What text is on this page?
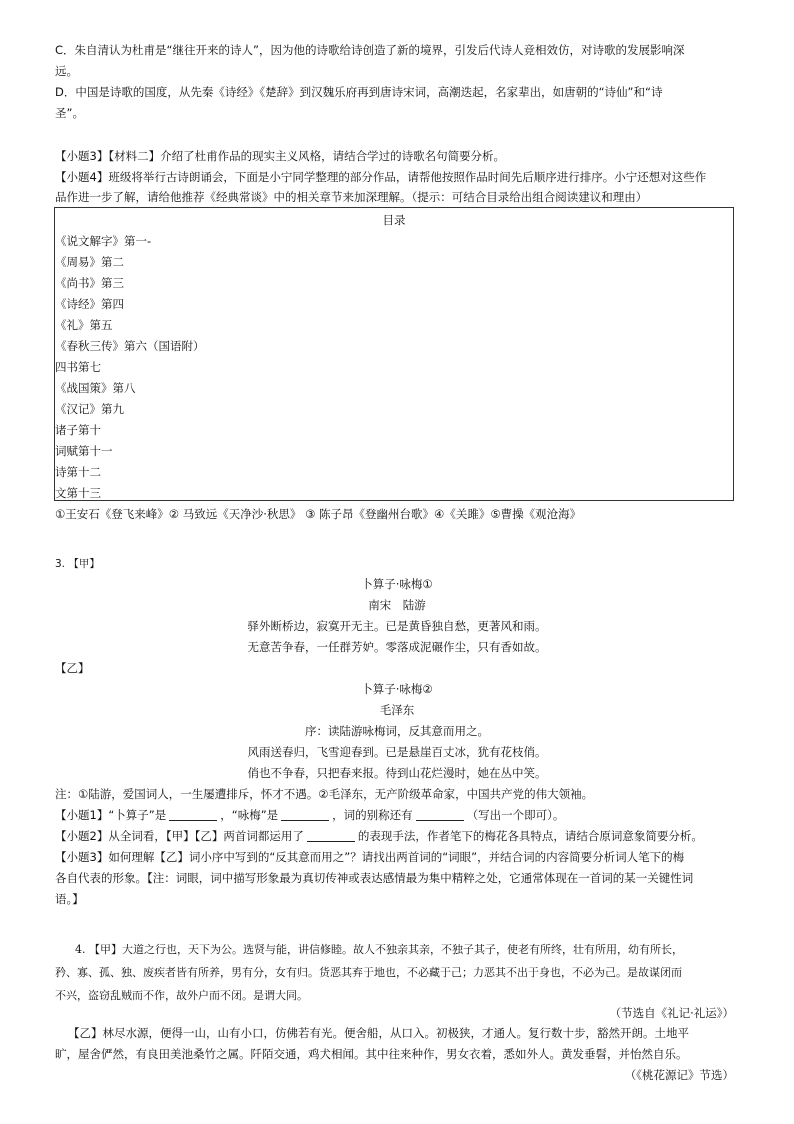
C．朱自清认为杜甫是“继往开来的诗人”，因为他的诗歌给诗创造了新的境界，引发后代诗人竞相效仿，对诗歌的发展影响深
远。
D．中国是诗歌的国度，从先秦《诗经》《楚辞》到汉魏乐府再到唐诗宋词，高潮迭起，名家辈出，如唐朝的“诗仙”和“诗
圣”。
【小题3】【材料二】介绍了杜甫作品的现实主义风格，请结合学过的诗歌名句简要分析。
【小题4】班级将举行古诗朗诵会，下面是小宁同学整理的部分作品，请帮他按照作品时间先后顺序进行排序。小宁还想对这些作
品作进一步了解，请给他推荐《经典常谈》中的相关章节来加深理解。（提示：可结合目录给出组合阅读建议和理由）
目录
《说文解字》第一-
《周易》第二
《尚书》第三
《诗经》第四
《礼》第五
《春秋三传》第六（国语附）
四书第七
《战国策》第八
《汉记》第九
诸子第十
词赋第十一
诗第十二
文第十三
①王安石《登飞来峰》② 马致远《天净沙·秋思》 ③ 陈子昂《登幽州台歌》④《关雎》⑤曹操《观沧海》
3. 【甲】
卜算子·咏梅①
南宋　陆游
驿外断桥边，寂寞开无主。已是黄昏独自愁，更著风和雨。
无意苦争春，一任群芳妒。零落成泥碾作尘，只有香如故。
【乙】
卜算子·咏梅②
毛泽东
序：读陆游咏梅词，反其意而用之。
风雨送春归，飞雪迎春到。已是悬崖百丈冰，犹有花枝俏。
俏也不争春，只把春来报。待到山花烂漫时，她在丛中笑。
注：①陆游，爱国词人，一生屡遭排斥，怀才不遇。②毛泽东，无产阶级革命家，中国共产党的伟大领袖。
【小题1】“卜算子”是	，“咏梅”是	，词的别称还有	（写出一个即可）。
【小题2】从全词看，【甲】【乙】两首词都运用了	的表现手法，作者笔下的梅花各具特点，请结合原词意象简要分析。
【小题3】如何理解【乙】词小序中写到的“反其意而用之”？请找出两首词的“词眼”，并结合词的内容简要分析词人笔下的梅
各自代表的形象。【注：词眼，词中描写形象最为真切传神或表达感情最为集中精粹之处，它通常体现在一首词的某一关键性词
语。】
4. 【甲】大道之行也，天下为公。选贤与能，讲信修睦。故人不独亲其亲，不独子其子，使老有所终，壮有所用，幼有所长，
矜、寡、孤、独、废疾者皆有所养，男有分，女有归。货恶其弃于地也，不必藏于己；力恶其不出于身也，不必为己。是故谋闭而
不兴，盗窃乱贼而不作，故外户而不闭。是谓大同。
（节选自《礼记·礼运》）
【乙】林尽水源，便得一山，山有小口，仿佛若有光。便舍船，从口入。初极狭，才通人。复行数十步，豁然开朗。土地平
旷，屋舍俨然，有良田美池桑竹之属。阡陌交通，鸡犬相闻。其中往来种作，男女衣着，悉如外人。黄发垂髫，并怡然自乐。
（《桃花源记》节选）
